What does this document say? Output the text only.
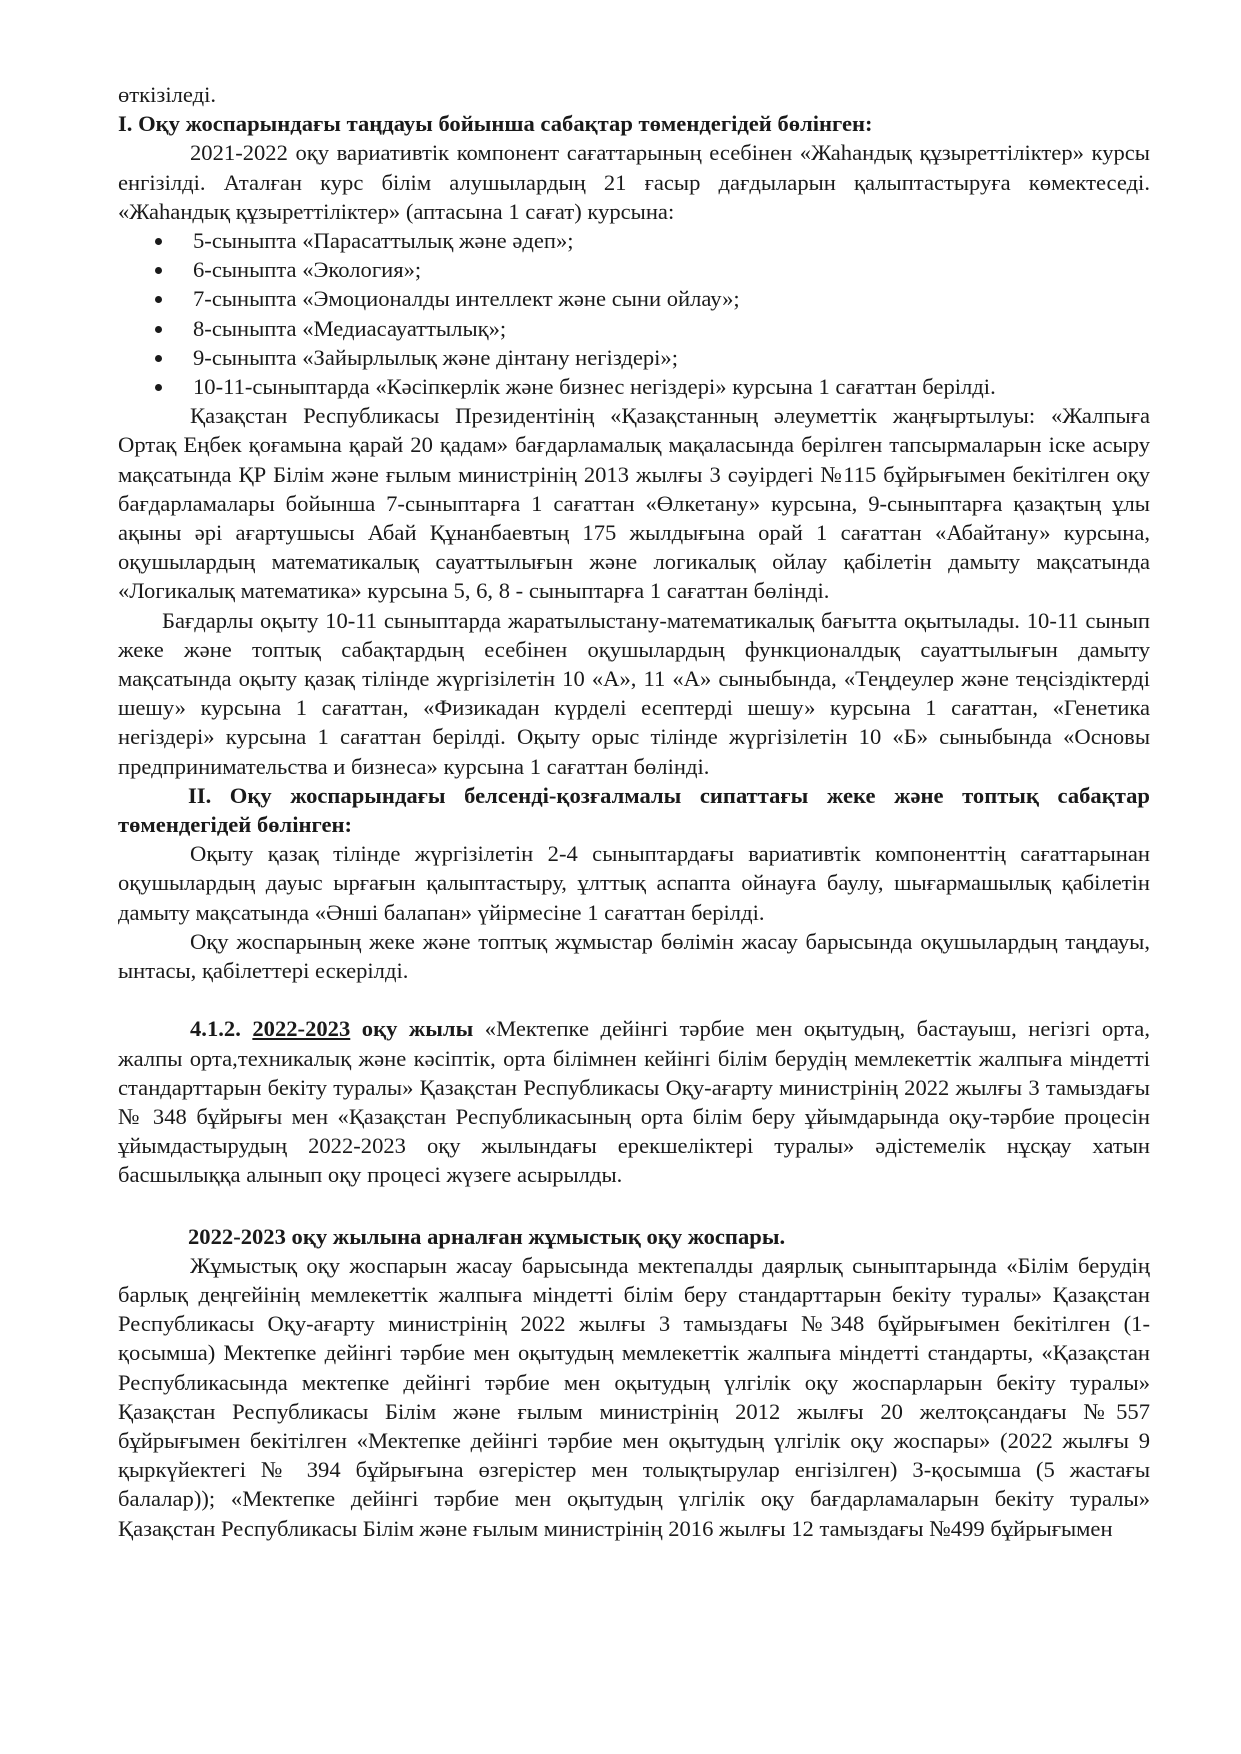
өткізіледі.

I. Оқу жоспарындағы таңдауы бойынша сабақтар төмендегідей бөлінген:

2021-2022 оқу вариативтік компонент сағаттарының есебінен «Жаһандық құзыреттіліктер» курсы енгізілді. Аталған курс білім алушылардың 21 ғасыр дағдыларын қалыптастыруға көмектеседі. «Жаһандық құзыреттіліктер» (аптасына 1 сағат) курсына:

5-сыныпта «Парасаттылық және әдеп»;
6-сыныпта «Экология»;
7-сыныпта «Эмоционалды интеллект және сыни ойлау»;
8-сыныпта «Медиасауаттылық»;
9-сыныпта «Зайырлылық және дінтану негіздері»;
10-11-сыныптарда «Кәсіпкерлік және бизнес негіздері» курсына 1 сағаттан берілді.

Қазақстан Республикасы Президентінің «Қазақстанның әлеуметтік жаңғыртылуы: «Жалпыға Ортақ Еңбек қоғамына қарай 20 қадам» бағдарламалық мақаласында берілген тапсырмаларын іске асыру мақсатында ҚР Білім және ғылым министрінің 2013 жылғы 3 сәуірдегі №115 бұйрығымен бекітілген оқу бағдарламалары бойынша 7-сыныптарға 1 сағаттан «Өлкетану» курсына, 9-сыныптарға қазақтың ұлы ақыны әрі ағартушысы Абай Құнанбаевтың 175 жылдығына орай 1 сағаттан «Абайтану» курсына, оқушылардың математикалық сауаттылығын және логикалық ойлау қабілетін дамыту мақсатында «Логикалық математика» курсына 5, 6, 8 - сыныптарға 1 сағаттан бөлінді.

Бағдарлы оқыту 10-11 сыныптарда жаратылыстану-математикалық бағытта оқытылады. 10-11 сынып жеке және топтық сабақтардың есебінен оқушылардың функционалдық сауаттылығын дамыту мақсатында оқыту қазақ тілінде жүргізілетін 10 «А», 11 «А» сыныбында, «Теңдеулер және теңсіздіктерді шешу» курсына 1 сағаттан, «Физикадан күрделі есептерді шешу» курсына 1 сағаттан, «Генетика негіздері» курсына 1 сағаттан берілді. Оқыту орыс тілінде жүргізілетін 10 «Б» сыныбында «Основы предпринимательства и бизнеса» курсына 1 сағаттан бөлінді.

II. Оқу жоспарындағы белсенді-қозғалмалы сипаттағы жеке және топтық сабақтар төмендегідей бөлінген:

Оқыту қазақ тілінде жүргізілетін 2-4 сыныптардағы вариативтік компоненттің сағаттарынан оқушылардың дауыс ырғағын қалыптастыру, ұлттық аспапта ойнауға баулу, шығармашылық қабілетін дамыту мақсатында «Әнші балапан» үйірмесіне 1 сағаттан берілді.

Оқу жоспарының жеке және топтық жұмыстар бөлімін жасау барысында оқушылардың таңдауы, ынтасы, қабілеттері ескерілді.

4.1.2. 2022-2023 оқу жылы «Мектепке дейінгі тәрбие мен оқытудың, бастауыш, негізгі орта, жалпы орта,техникалық және кәсіптік, орта білімнен кейінгі білім берудің мемлекеттік жалпыға міндетті стандарттарын бекіту туралы» Қазақстан Республикасы Оқу-ағарту министрінің 2022 жылғы 3 тамыздағы № 348 бұйрығы мен «Қазақстан Республикасының орта білім беру ұйымдарында оқу-тәрбие процесін ұйымдастырудың 2022-2023 оқу жылындағы ерекшеліктері туралы» әдістемелік нұсқау хатын басшылыққа алынып оқу процесі жүзеге асырылды.

2022-2023 оқу жылына арналған жұмыстық оқу жоспары.

Жұмыстық оқу жоспарын жасау барысында мектепалды даярлық сыныптарында «Білім берудің барлық деңгейінің мемлекеттік жалпыға міндетті білім беру стандарттарын бекіту туралы» Қазақстан Республикасы Оқу-ағарту министрінің 2022 жылғы 3 тамыздағы №348 бұйрығымен бекітілген (1-қосымша) Мектепке дейінгі тәрбие мен оқытудың мемлекеттік жалпыға міндетті стандарты, «Қазақстан Республикасында мектепке дейінгі тәрбие мен оқытудың үлгілік оқу жоспарларын бекіту туралы» Қазақстан Республикасы Білім және ғылым министрінің 2012 жылғы 20 желтоқсандағы №557 бұйрығымен бекітілген «Мектепке дейінгі тәрбие мен оқытудың үлгілік оқу жоспары» (2022 жылғы 9 қыркүйектегі № 394 бұйрығына өзгерістер мен толықтырулар енгізілген) 3-қосымша (5 жастағы балалар)); «Мектепке дейінгі тәрбие мен оқытудың үлгілік оқу бағдарламаларын бекіту туралы» Қазақстан Республикасы Білім және ғылым министрінің 2016 жылғы 12 тамыздағы №499 бұйрығымен
